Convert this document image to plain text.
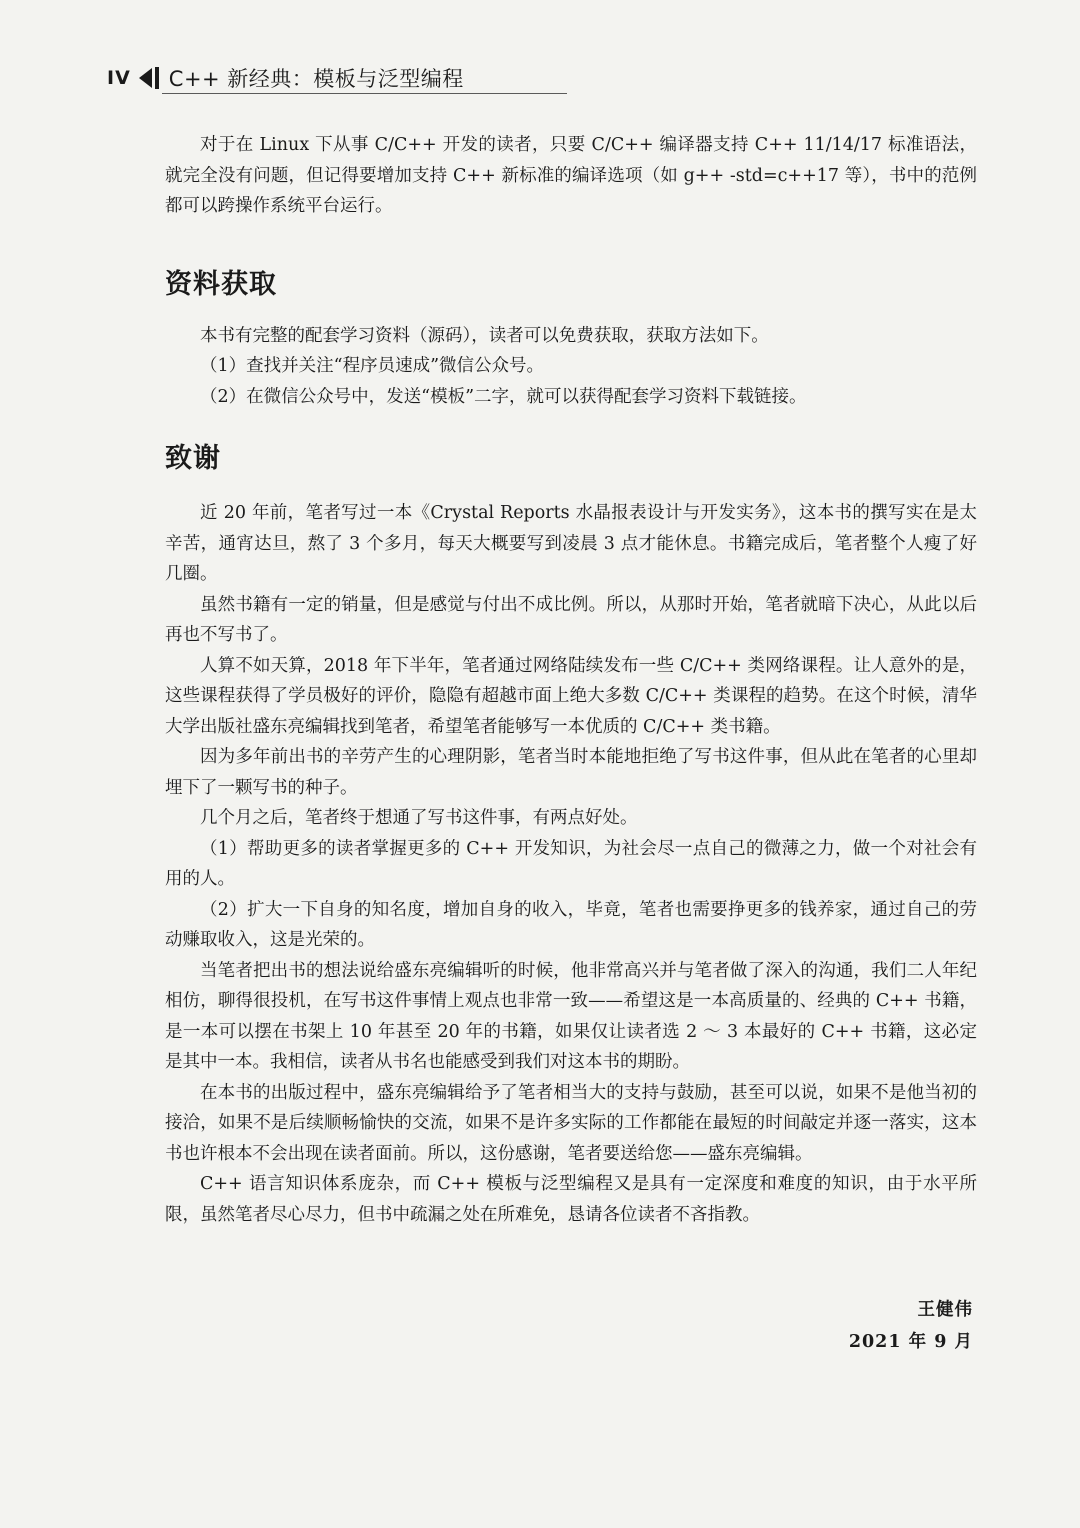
IV C++ 新经典：模板与泛型编程

对于在 Linux 下从事 C/C++ 开发的读者，只要 C/C++ 编译器支持 C++ 11/14/17 标准语法，就完全没有问题，但记得要增加支持 C++ 新标准的编译选项（如 g++ -std=c++17 等），书中的范例都可以跨操作系统平台运行。

资料获取

本书有完整的配套学习资料（源码），读者可以免费获取，获取方法如下。

（1）查找并关注“程序员速成”微信公众号。

（2）在微信公众号中，发送“模板”二字，就可以获得配套学习资料下载链接。

致谢

近 20 年前，笔者写过一本《Crystal Reports 水晶报表设计与开发实务》，这本书的撰写实在是太辛苦，通宵达旦，熬了 3 个多月，每天大概要写到凌晨 3 点才能休息。书籍完成后，笔者整个人瘦了好几圈。

虽然书籍有一定的销量，但是感觉与付出不成比例。所以，从那时开始，笔者就暗下决心，从此以后再也不写书了。

人算不如天算，2018 年下半年，笔者通过网络陆续发布一些 C/C++ 类网络课程。让人意外的是，这些课程获得了学员极好的评价，隐隐有超越市面上绝大多数 C/C++ 类课程的趋势。在这个时候，清华大学出版社盛东亮编辑找到笔者，希望笔者能够写一本优质的 C/C++ 类书籍。

因为多年前出书的辛劳产生的心理阴影，笔者当时本能地拒绝了写书这件事，但从此在笔者的心里却埋下了一颗写书的种子。

几个月之后，笔者终于想通了写书这件事，有两点好处。

（1）帮助更多的读者掌握更多的 C++ 开发知识，为社会尽一点自己的微薄之力，做一个对社会有用的人。

（2）扩大一下自身的知名度，增加自身的收入，毕竟，笔者也需要挣更多的钱养家，通过自己的劳动赚取收入，这是光荣的。

当笔者把出书的想法说给盛东亮编辑听的时候，他非常高兴并与笔者做了深入的沟通，我们二人年纪相仿，聊得很投机，在写书这件事情上观点也非常一致——希望这是一本高质量的、经典的 C++ 书籍，是一本可以摆在书架上 10 年甚至 20 年的书籍，如果仅让读者选 2 ～ 3 本最好的 C++ 书籍，这必定是其中一本。我相信，读者从书名也能感受到我们对这本书的期盼。

在本书的出版过程中，盛东亮编辑给予了笔者相当大的支持与鼓励，甚至可以说，如果不是他当初的接洽，如果不是后续顺畅愉快的交流，如果不是许多实际的工作都能在最短的时间敲定并逐一落实，这本书也许根本不会出现在读者面前。所以，这份感谢，笔者要送给您——盛东亮编辑。

C++ 语言知识体系庞杂，而 C++ 模板与泛型编程又是具有一定深度和难度的知识，由于水平所限，虽然笔者尽心尽力，但书中疏漏之处在所难免，恳请各位读者不吝指教。

王健伟
2021 年 9 月
